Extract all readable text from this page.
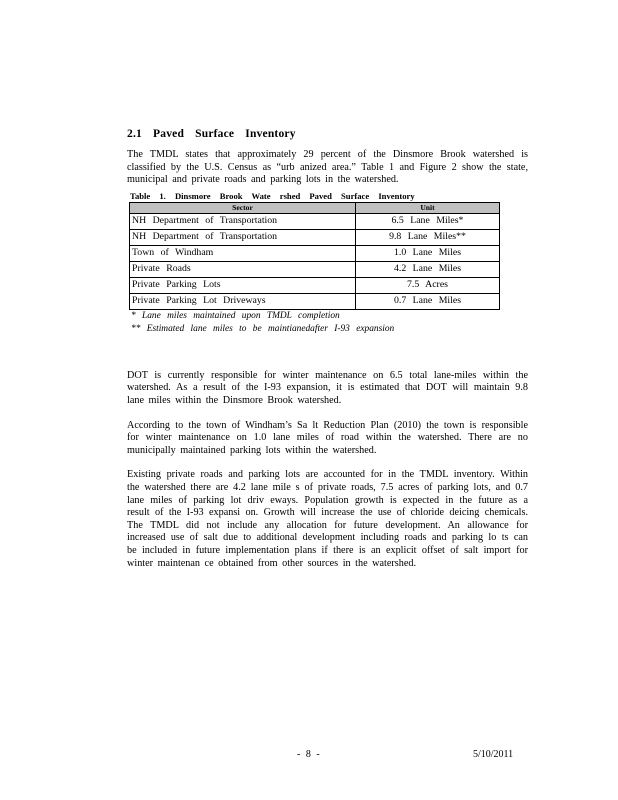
2.1 Paved Surface Inventory

The TMDL states that approximately 29 percent of the Dinsmore Brook watershed is classified by the U.S. Census as “urb anized area.” Table 1 and Figure 2 show the state, municipal and private roads and parking lots in the watershed.

Table 1. Dinsmore Brook Wate rshed Paved Surface Inventory
Sector	Unit
NH Department of Transportation	6.5 Lane Miles*
NH Department of Transportation	9.8 Lane Miles**
Town of Windham	1.0 Lane Miles
Private Roads	4.2 Lane Miles
Private Parking Lots	7.5 Acres
Private Parking Lot Driveways	0.7 Lane Miles
* Lane miles maintained upon TMDL completion
** Estimated lane miles to be maintianedafter I-93 expansion

DOT is currently responsible for winter maintenance on 6.5 total lane-miles within the watershed. As a result of the I-93 expansion, it is estimated that DOT will maintain 9.8 lane miles within the Dinsmore Brook watershed.

According to the town of Windham’s Sa lt Reduction Plan (2010) the town is responsible for winter maintenance on 1.0 lane miles of road within the watershed. There are no municipally maintained parking lots within the watershed.

Existing private roads and parking lots are accounted for in the TMDL inventory. Within the watershed there are 4.2 lane mile s of private roads, 7.5 acres of parking lots, and 0.7 lane miles of parking lot driv eways. Population growth is expected in the future as a result of the I-93 expansi on. Growth will increase the use of chloride deicing chemicals. The TMDL did not include any allocation for future development. An allowance for increased use of salt due to additional development including roads and parking lo ts can be included in future implementation plans if there is an explicit offset of salt import for winter maintenan ce obtained from other sources in the watershed.

- 8 -	5/10/2011
